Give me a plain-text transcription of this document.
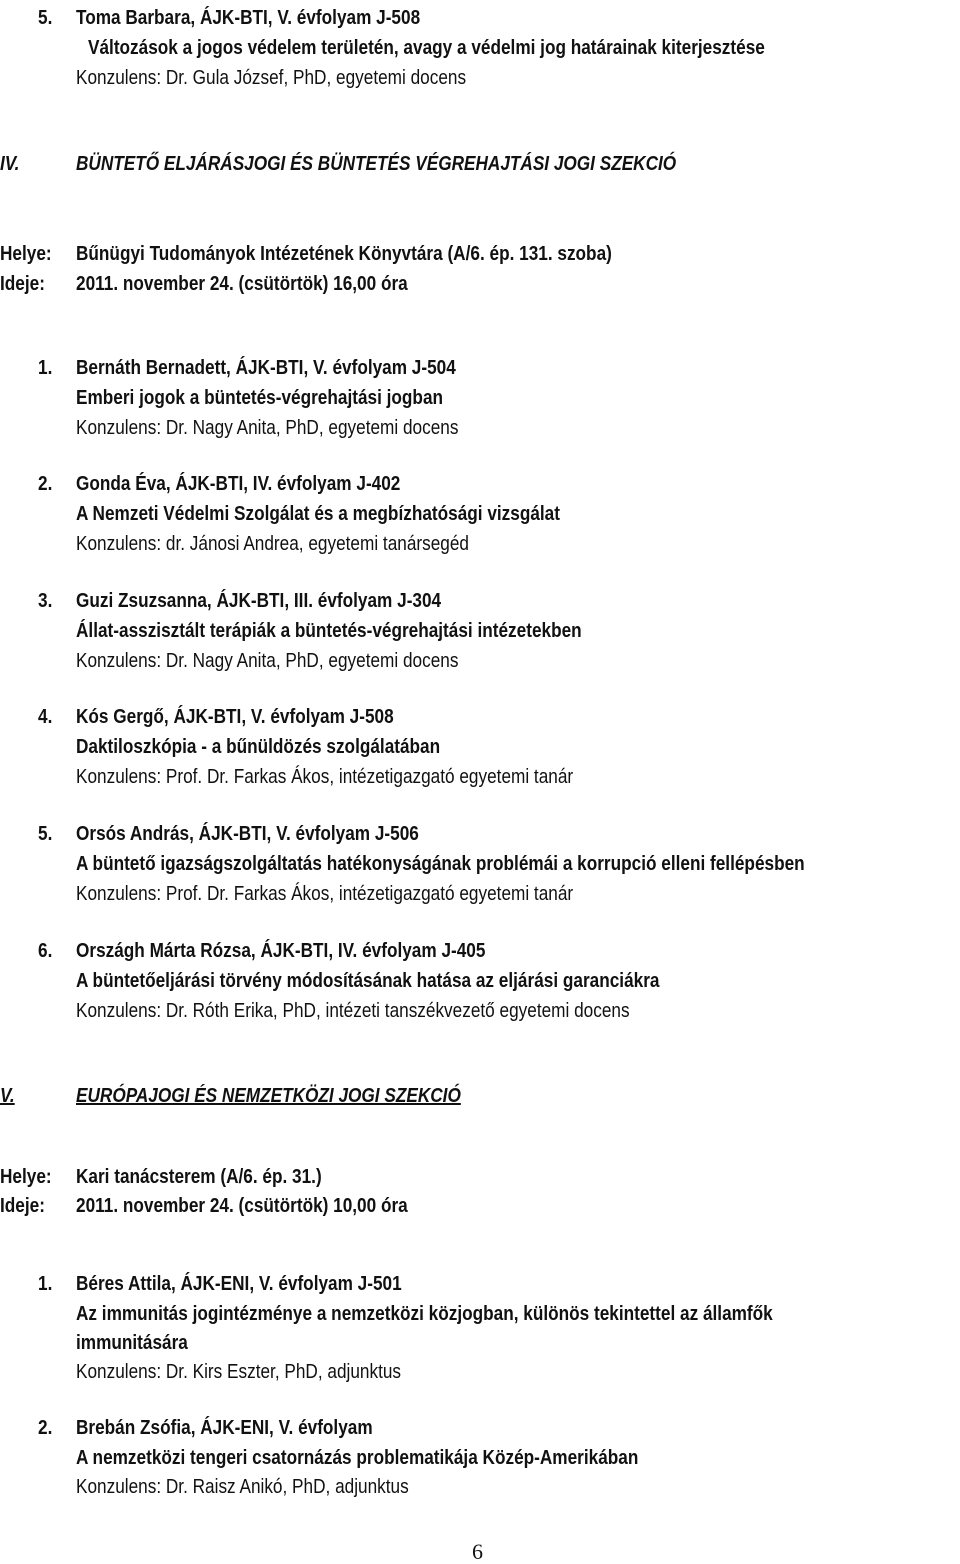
5. Toma Barbara, ÁJK-BTI, V. évfolyam J-508
Változások a jogos védelem területén, avagy a védelmi jog határainak kiterjesztése
Konzulens: Dr. Gula József, PhD, egyetemi docens
IV.	BÜNTETŐ ELJÁRÁSJOGI ÉS BÜNTETÉS VÉGREHAJTÁSI JOGI SZEKCIÓ
Helye: Bűnügyi Tudományok Intézetének Könyvtára (A/6. ép. 131. szoba)
Ideje: 2011. november 24. (csütörtök) 16,00 óra
1. Bernáth Bernadett, ÁJK-BTI, V. évfolyam J-504
Emberi jogok a büntetés-végrehajtási jogban
Konzulens: Dr. Nagy Anita, PhD, egyetemi docens
2. Gonda Éva, ÁJK-BTI, IV. évfolyam J-402
A Nemzeti Védelmi Szolgálat és a megbízhatósági vizsgálat
Konzulens: dr. Jánosi Andrea, egyetemi tanársegéd
3. Guzi Zsuzsanna, ÁJK-BTI, III. évfolyam J-304
Állat-asszisztált terápiák a büntetés-végrehajtási intézetekben
Konzulens: Dr. Nagy Anita, PhD, egyetemi docens
4. Kós Gergő, ÁJK-BTI, V. évfolyam J-508
Daktiloszkópia - a bűnüldözés szolgálatában
Konzulens: Prof. Dr. Farkas Ákos, intézetigazgató egyetemi tanár
5. Orsós András, ÁJK-BTI, V. évfolyam J-506
A büntető igazságszolgáltatás hatékonyságának problémái a korrupció elleni fellépésben
Konzulens: Prof. Dr. Farkas Ákos, intézetigazgató egyetemi tanár
6. Országh Márta Rózsa, ÁJK-BTI, IV. évfolyam J-405
A büntetőeljárási törvény módosításának hatása az eljárási garanciákra
Konzulens: Dr. Róth Erika, PhD, intézeti tanszékvezető egyetemi docens
V.	EURÓPAJOGI ÉS NEMZETKÖZI JOGI SZEKCIÓ
Helye: Kari tanácsterem (A/6. ép. 31.)
Ideje: 2011. november 24. (csütörtök) 10,00 óra
1. Béres Attila, ÁJK-ENI, V. évfolyam J-501
Az immunitás jogintézménye a nemzetközi közjogban, különös tekintettel az államfők
immunitására
Konzulens: Dr. Kirs Eszter, PhD, adjunktus
2. Brebán Zsófia, ÁJK-ENI, V. évfolyam
A nemzetközi tengeri csatornázás problematikája Közép-Amerikában
Konzulens: Dr. Raisz Anikó, PhD, adjunktus
6
